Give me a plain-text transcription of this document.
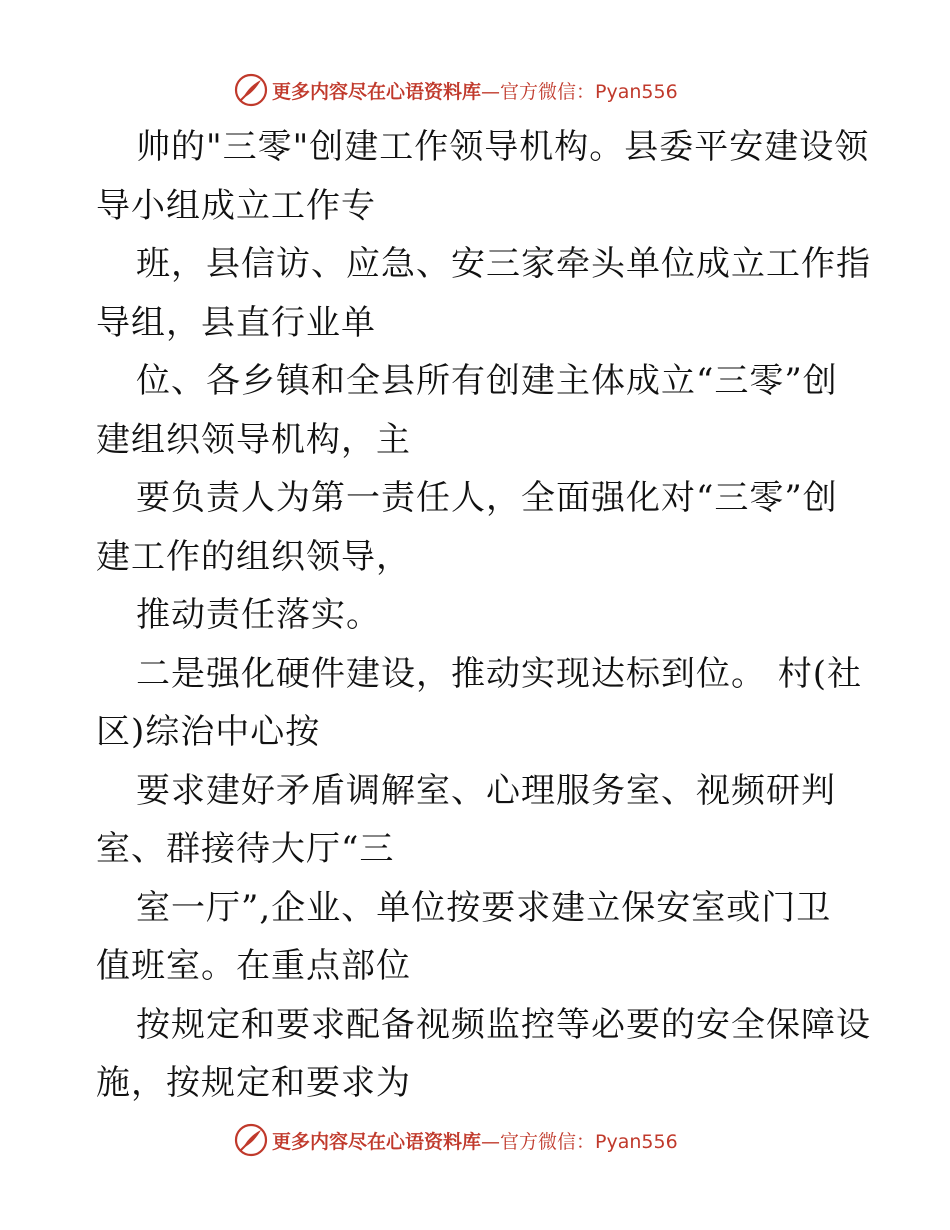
更多内容尽在心语资料库—官方微信：Pyan556
帅的"三零"创建工作领导机构。县委平安建设领
导小组成立工作专
班，县信访、应急、安三家牵头单位成立工作指
导组，县直行业单
位、各乡镇和全县所有创建主体成立“三零”创
建组织领导机构，主
要负责人为第一责任人，全面强化对“三零”创
建工作的组织领导，
推动责任落实。
二是强化硬件建设，推动实现达标到位。 村(社
区)综治中心按
要求建好矛盾调解室、心理服务室、视频研判
室、群接待大厅“三
室一厅”,企业、单位按要求建立保安室或门卫
值班室。在重点部位
按规定和要求配备视频监控等必要的安全保障设
施，按规定和要求为
更多内容尽在心语资料库—官方微信：Pyan556
